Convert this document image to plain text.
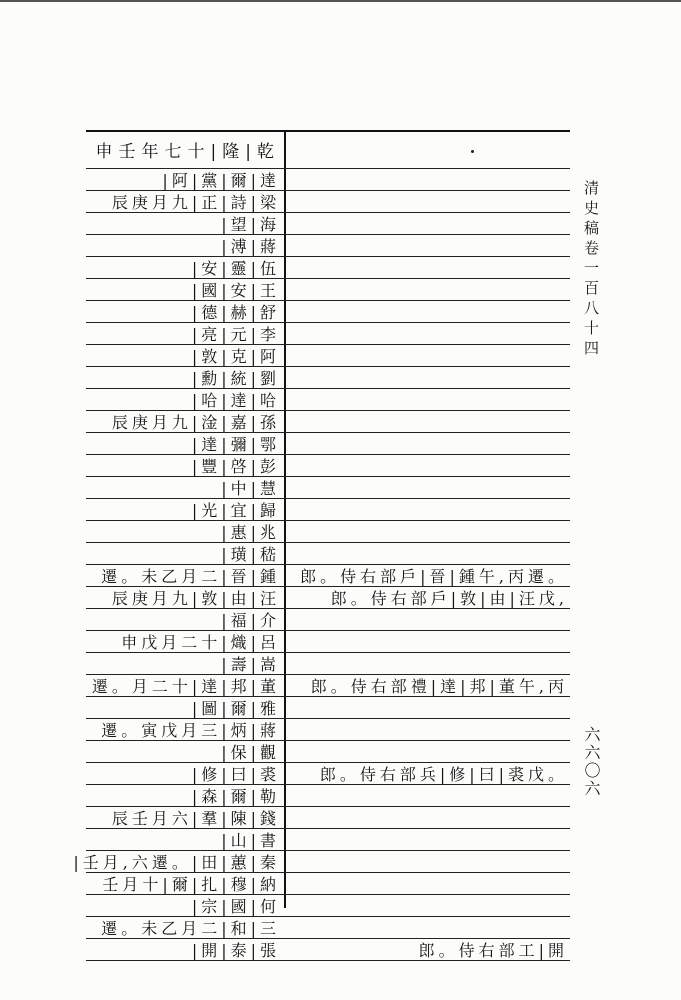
申壬年七十|隆|乾
|阿|黨|爾|達
辰庚月九|正|詩|梁
|望|海
|溥|蔣
|安|靈|伍
|國|安|王
|德|赫|舒
|亮|元|李
|敦|克|阿
|勳|統|劉
|哈|達|哈
辰庚月九|淦|嘉|孫
|達|彌|鄂
|豐|啓|彭
|中|慧
|光|宜|歸
|惠|兆
|璜|嵇
遷。未乙月二|晉|鍾	郎。侍右部戶|晉|鍾午,丙遷。
辰庚月九|敦|由|汪	郎。侍右部戶|敦|由|汪戊,
|福|介
申戊月二十|熾|呂
|壽|嵩
遷。月二十|達|邦|董	郎。侍右部禮|達|邦|董午,丙
|圖|爾|雅
遷。寅戊月三|炳|蔣
|保|觀
|修|曰|裘	郎。侍右部兵|修|曰|裘戊。
|森|爾|勒
辰壬月六|羣|陳|錢
|山|書
|壬月,六遷。|田|蕙|秦
壬月十|爾|扎|穆|納
|宗|國|何
遷。未乙月二|和|三
|開|泰|張	郎。侍右部工|開
清史稿卷一百八十四
六六〇六
